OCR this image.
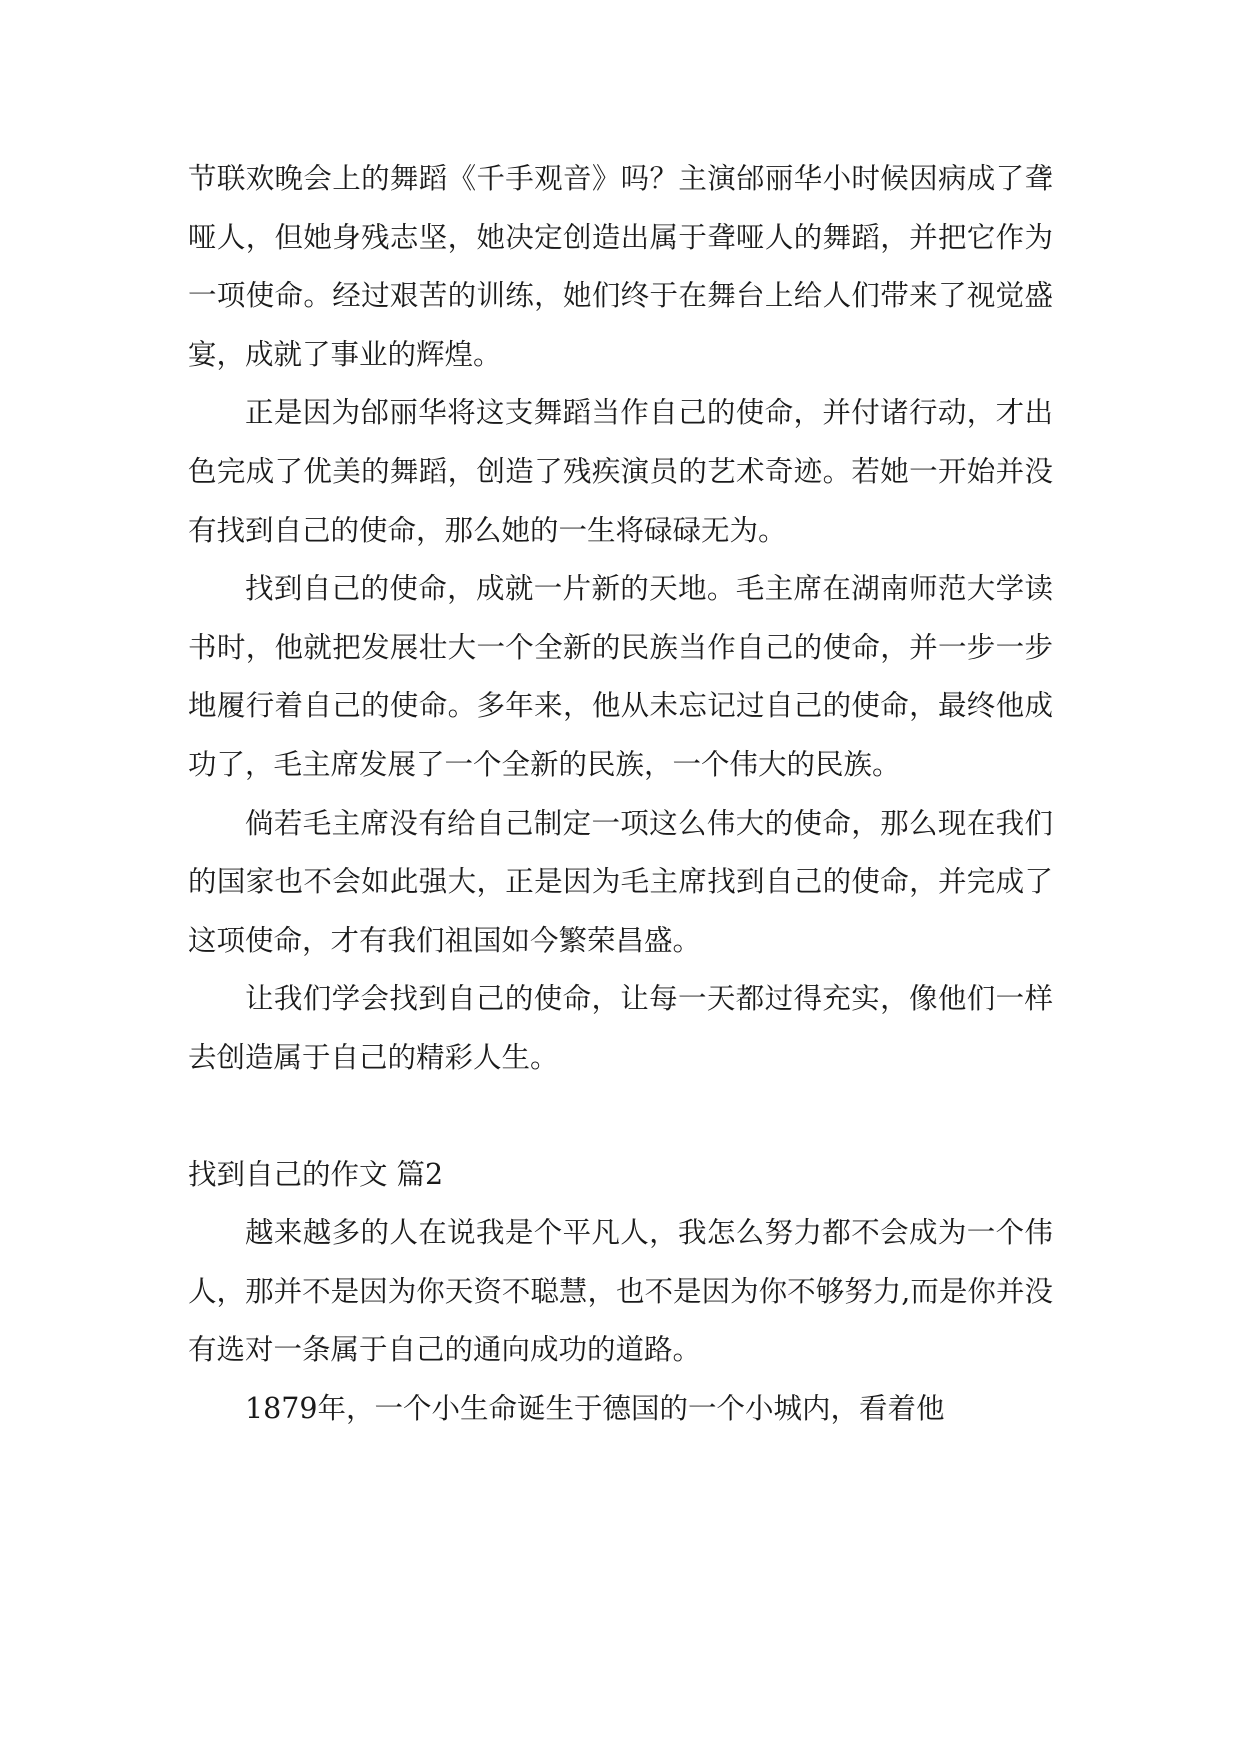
节联欢晚会上的舞蹈《千手观音》吗？主演邰丽华小时候因病成了聋哑人，但她身残志坚，她决定创造出属于聋哑人的舞蹈，并把它作为一项使命。经过艰苦的训练，她们终于在舞台上给人们带来了视觉盛宴，成就了事业的辉煌。

正是因为邰丽华将这支舞蹈当作自己的使命，并付诸行动，才出色完成了优美的舞蹈，创造了残疾演员的艺术奇迹。若她一开始并没有找到自己的使命，那么她的一生将碌碌无为。

找到自己的使命，成就一片新的天地。毛主席在湖南师范大学读书时，他就把发展壮大一个全新的民族当作自己的使命，并一步一步地履行着自己的使命。多年来，他从未忘记过自己的使命，最终他成功了，毛主席发展了一个全新的民族，一个伟大的民族。

倘若毛主席没有给自己制定一项这么伟大的使命，那么现在我们的国家也不会如此强大，正是因为毛主席找到自己的使命，并完成了这项使命，才有我们祖国如今繁荣昌盛。

让我们学会找到自己的使命，让每一天都过得充实，像他们一样去创造属于自己的精彩人生。

找到自己的作文 篇2

越来越多的人在说我是个平凡人，我怎么努力都不会成为一个伟人，那并不是因为你天资不聪慧，也不是因为你不够努力,而是你并没有选对一条属于自己的通向成功的道路。

1879年，一个小生命诞生于德国的一个小城内，看着他
